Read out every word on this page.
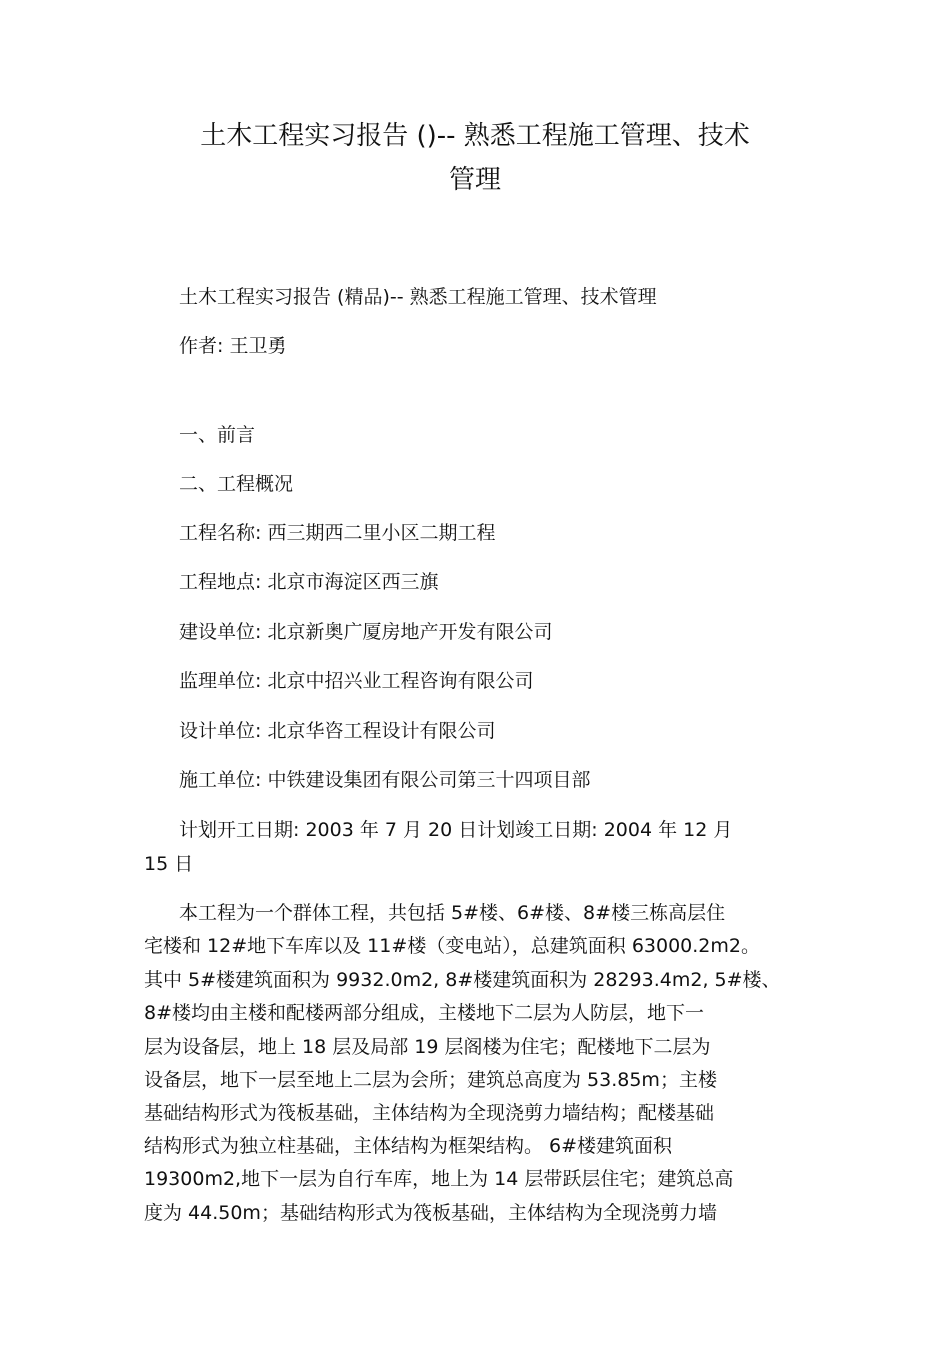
土木工程实习报告 ()-- 熟悉工程施工管理、技术
管理
土木工程实习报告 (精品)-- 熟悉工程施工管理、技术管理
作者: 王卫勇
一、前言
二、工程概况
工程名称: 西三期西二里小区二期工程
工程地点: 北京市海淀区西三旗
建设单位: 北京新奥广厦房地产开发有限公司
监理单位: 北京中招兴业工程咨询有限公司
设计单位: 北京华咨工程设计有限公司
施工单位: 中铁建设集团有限公司第三十四项目部
计划开工日期: 2003 年 7 月 20 日计划竣工日期: 2004 年 12 月
15 日
本工程为一个群体工程，共包括 5#楼、6#楼、8#楼三栋高层住
宅楼和 12#地下车库以及 11#楼（变电站），总建筑面积 63000.2m2。
其中 5#楼建筑面积为 9932.0m2, 8#楼建筑面积为 28293.4m2, 5#楼、
8#楼均由主楼和配楼两部分组成，主楼地下二层为人防层，地下一
层为设备层，地上 18 层及局部 19 层阁楼为住宅；配楼地下二层为
设备层，地下一层至地上二层为会所；建筑总高度为 53.85m；主楼
基础结构形式为筏板基础，主体结构为全现浇剪力墙结构；配楼基础
结构形式为独立柱基础，主体结构为框架结构。 6#楼建筑面积
19300m2,地下一层为自行车库，地上为 14 层带跃层住宅；建筑总高
度为 44.50m；基础结构形式为筏板基础，主体结构为全现浇剪力墙
